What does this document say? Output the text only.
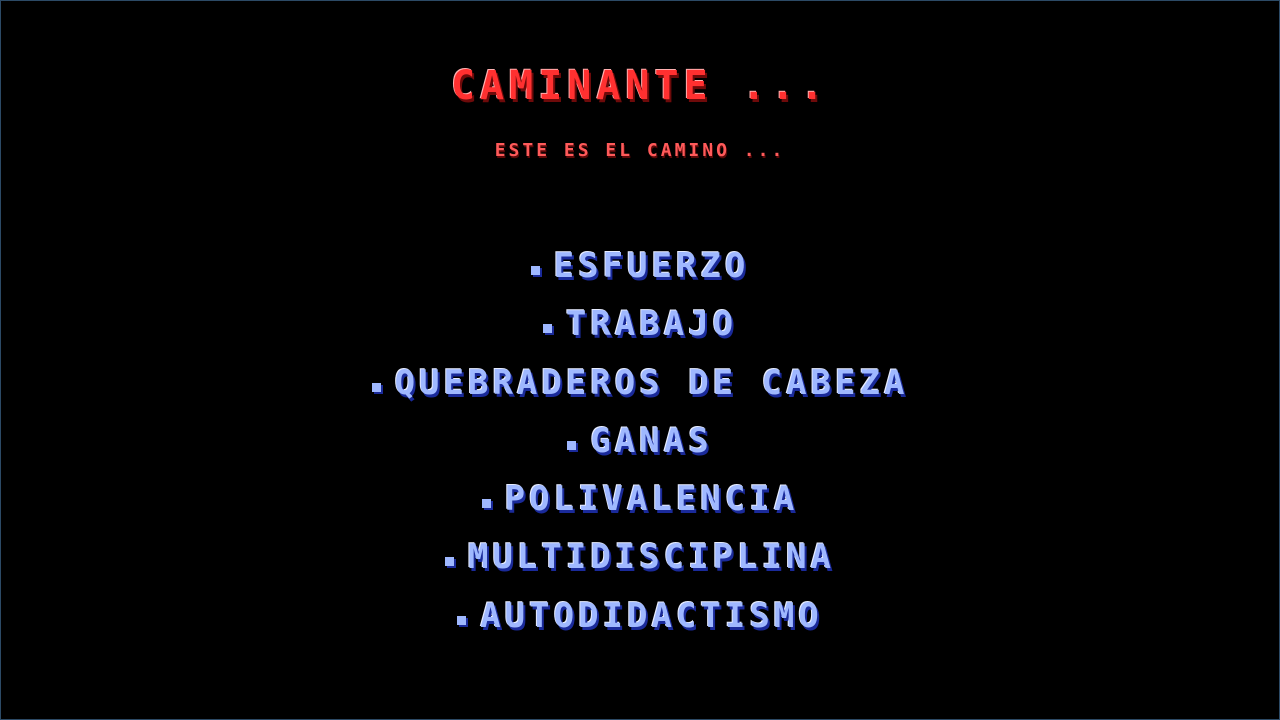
CAMINANTE ...
ESTE ES EL CAMINO ...
ESFUERZO
TRABAJO
QUEBRADEROS DE CABEZA
GANAS
POLIVALENCIA
MULTIDISCIPLINA
AUTODIDACTISMO
